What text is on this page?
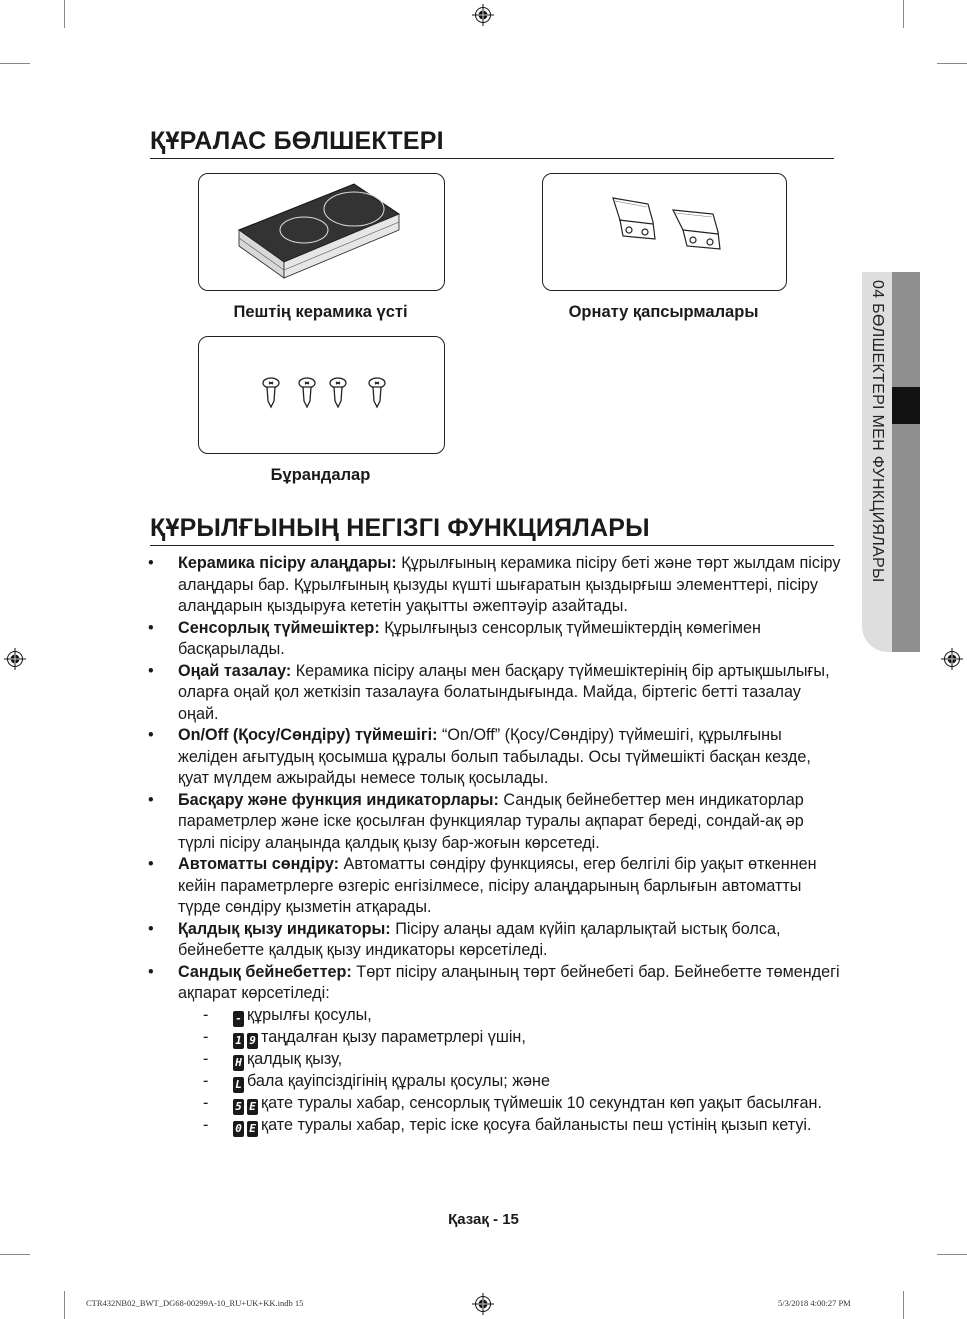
ҚҰРАЛАС БӨЛШЕКТЕРІ
Пештің керамика үсті	Орнату қапсырмалары
Бұрандалар	04 БӨЛШЕКТЕРІ МЕН ФУНКЦИЯЛАРЫ
ҚҰРЫЛҒЫНЫҢ НЕГІЗГІ ФУНКЦИЯЛАРЫ

• Керамика пісіру алаңдары: Құрылғының керамика пісіру беті және төрт жылдам пісіру алаңдары бар. Құрылғының қызуды күшті шығаратын қыздырғыш элементтері, пісіру алаңдарын қыздыруға кететін уақытты әжептәуір азайтады.

• Сенсорлық түймешіктер: Құрылғыңыз сенсорлық түймешіктердің көмегімен басқарылады.

• Оңай тазалау: Керамика пісіру алаңы мен басқару түймешіктерінің бір артықшылығы, оларға оңай қол жеткізіп тазалауға болатындығында. Майда, біртегіс бетті тазалау оңай.

• On/Off (Қосу/Сөндіру) түймешігі: “On/Off” (Қосу/Сөндіру) түймешігі, құрылғыны желіден ағытудың қосымша құралы болып табылады. Осы түймешікті басқан кезде, қуат мүлдем ажырайды немесе толық қосылады.

• Басқару және функция индикаторлары: Сандық бейнебеттер мен индикаторлар параметрлер және іске қосылған функциялар туралы ақпарат береді, сондай-ақ әр түрлі пісіру алаңында қалдық қызу бар-жоғын көрсетеді.

• Автоматты сөндіру: Автоматты сөндіру функциясы, егер белгілі бір уақыт өткеннен кейін параметрлерге өзгеріс енгізілмесе, пісіру алаңдарының барлығын автоматты түрде сөндіру қызметін атқарады.

• Қалдық қызу индикаторы: Пісіру алаңы адам күйіп қаларлықтай ыстық болса, бейнебетте қалдық қызу индикаторы көрсетіледі.

• Сандық бейнебеттер: Төрт пісіру алаңының төрт бейнебеті бар. Бейнебетте төмендегі ақпарат көрсетіледі:

- - құрылғы қосулы,
- 1 9 таңдалған қызу параметрлері үшін,
- H қалдық қызу,
- L бала қауіпсіздігінің құралы қосулы; және
- 5 E қате туралы хабар, сенсорлық түймешік 10 секундтан көп уақыт басылған.
- 0 E қате туралы хабар, теріс іске қосуға байланысты пеш үстінің қызып кетуі.
Қазақ - 15
CTR432NB02_BWT_DG68-00299A-10_RU+UK+KK.indb 15	5/3/2018 4:00:27 PM
